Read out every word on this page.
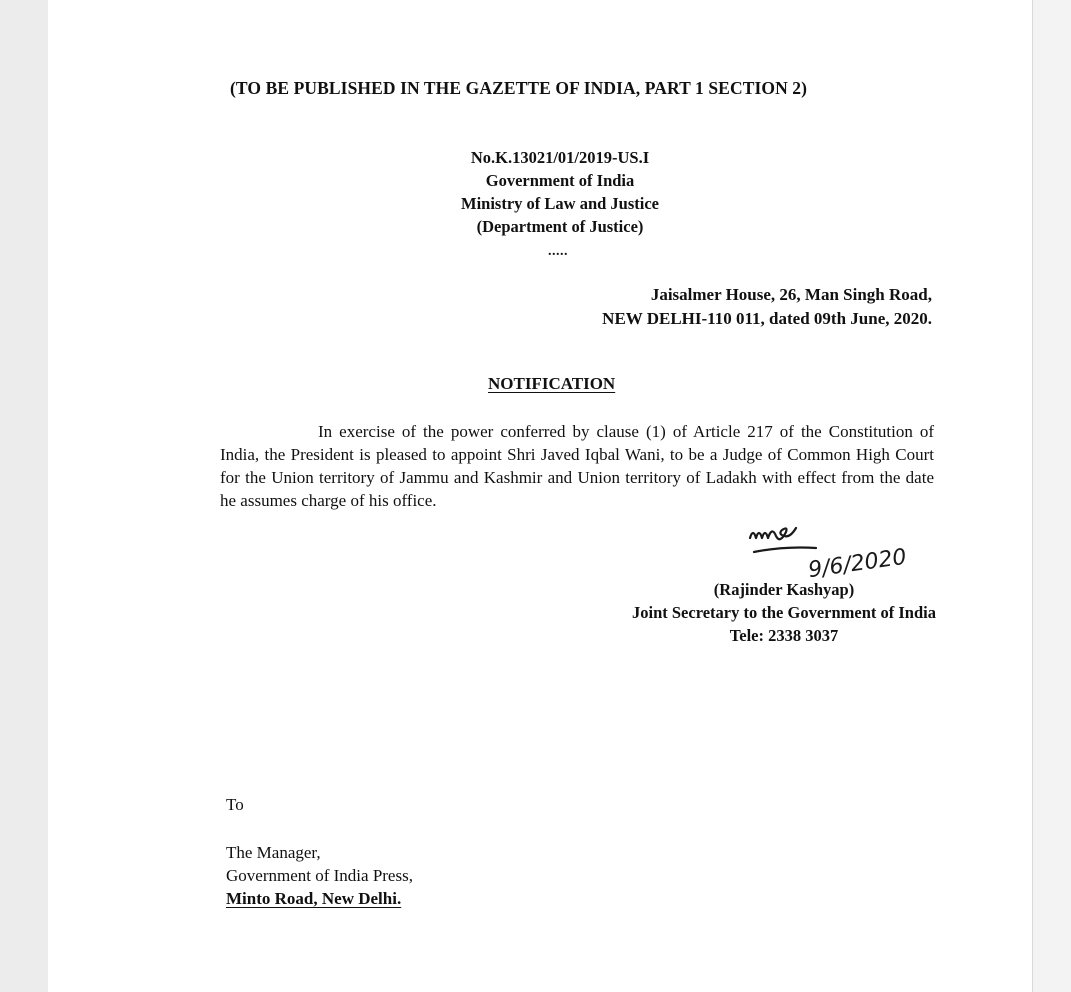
(TO BE PUBLISHED IN THE GAZETTE OF INDIA, PART 1 SECTION 2)
No.K.13021/01/2019-US.I
Government of India
Ministry of Law and Justice
(Department of Justice)
.....
Jaisalmer House, 26, Man Singh Road,
NEW DELHI-110 011, dated 09th June, 2020.
NOTIFICATION

In exercise of the power conferred by clause (1) of Article 217 of the Constitution of India, the President is pleased to appoint Shri Javed Iqbal Wani, to be a Judge of Common High Court for the Union territory of Jammu and Kashmir and Union territory of Ladakh with effect from the date he assumes charge of his office.

9/6/2020
(Rajinder Kashyap)
Joint Secretary to the Government of India
Tele: 2338 3037
To
The Manager,
Government of India Press,
Minto Road, New Delhi.
